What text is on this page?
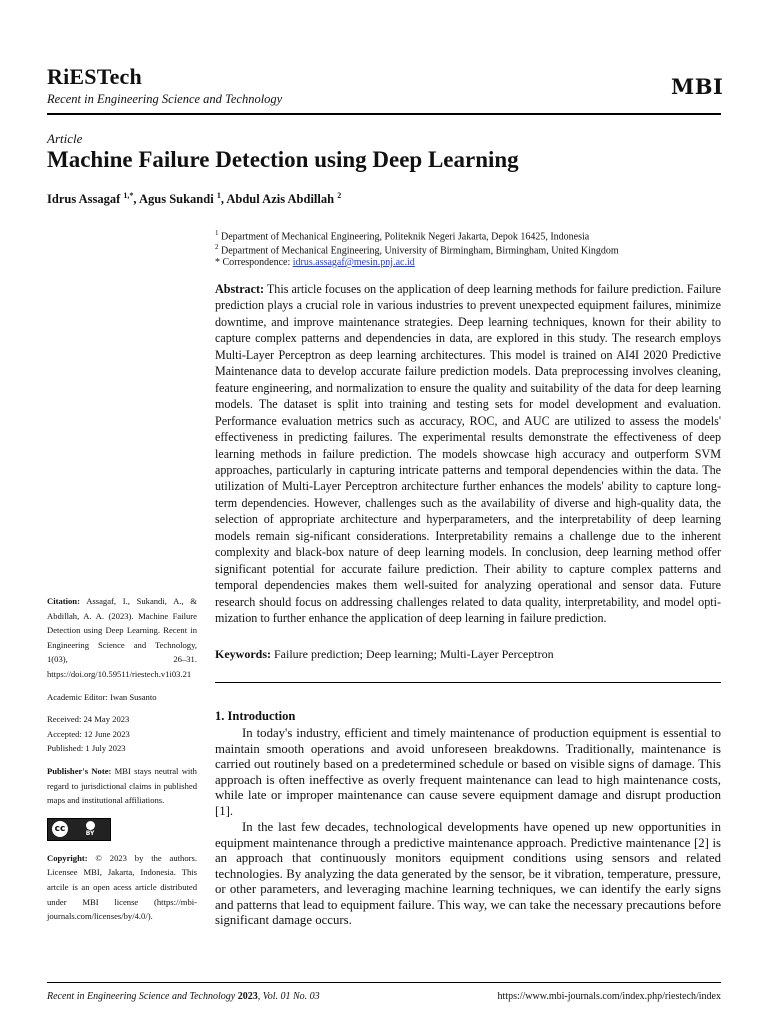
RiESTech
Recent in Engineering Science and Technology	MBI
Article
Machine Failure Detection using Deep Learning
Idrus Assagaf $^{1,*}$, Agus Sukandi $^1$, Abdul Azis Abdillah $^2$
$^1$ Department of Mechanical Engineering, Politeknik Negeri Jakarta, Depok 16425, Indonesia
$^2$ Department of Mechanical Engineering, University of Birmingham, Birmingham, United Kingdom
* Correspondence: idrus.assagaf@mesin.pnj.ac.id

Abstract: This article focuses on the application of deep learning methods for failure prediction. Failure prediction plays a crucial role in various industries to prevent unexpected equipment failures, minimize downtime, and improve maintenance strategies. Deep learning techniques, known for their ability to capture complex patterns and dependencies in data, are explored in this study. The research employs Multi-Layer Perceptron as deep learning architectures. This model is trained on AI4I 2020 Predictive Maintenance data to develop accurate failure prediction models. Data preprocessing involves cleaning, feature engineering, and normalization to ensure the quality and suitability of the data for deep learning models. The dataset is split into training and testing sets for model development and evaluation. Performance evaluation metrics such as accuracy, ROC, and AUC are utilized to assess the models' effectiveness in predicting failures. The experimental results demonstrate the effectiveness of deep learning methods in failure prediction. The models showcase high accuracy and outperform SVM approaches, particularly in capturing intricate patterns and temporal dependencies within the data. The utilization of Multi-Layer Perceptron architecture further enhances the models' ability to capture long-term dependencies. However, challenges such as the availability of diverse and high-quality data, the selection of appropriate architecture and hyperparameters, and the interpretability of deep learning models remain sig-nificant considerations. Interpretability remains a challenge due to the inherent complexity and black-box nature of deep learning models. In conclusion, deep learning method offer significant potential for accurate failure prediction. Their ability to capture complex patterns and temporal dependencies makes them well-suited for analyzing operational and sensor data. Future research should focus on addressing challenges related to data quality, interpretability, and model opti-mization to further enhance the application of deep learning in failure prediction.

Keywords: Failure prediction; Deep learning; Multi-Layer Perceptron
1. Introduction

In today's industry, efficient and timely maintenance of production equipment is essential to maintain smooth operations and avoid unforeseen breakdowns. Traditionally, maintenance is carried out routinely based on a predetermined schedule or based on visible signs of damage. This approach is often ineffective as overly frequent maintenance can lead to high maintenance costs, while late or improper maintenance can cause severe equipment damage and disrupt production [1].

In the last few decades, technological developments have opened up new opportunities in equipment maintenance through a predictive maintenance approach. Predictive maintenance [2] is an approach that continuously monitors equipment conditions using sensors and related technologies. By analyzing the data generated by the sensor, be it vibration, temperature, pressure, or other parameters, and leveraging machine learning techniques, we can identify the early signs and patterns that lead to equipment failure. This way, we can take the necessary precautions before significant damage occurs.

Citation: Assagaf, I., Sukandi, A., & Abdillah, A. A. (2023). Machine Failure Detection using Deep Learning. Recent in Engineering Science and Technology, 1(03), 26–31. https://doi.org/10.59511/riestech.v1i03.21

Academic Editor: Iwan Susanto

Received: 24 May 2023

Accepted: 12 June 2023

Published: 1 July 2023

Publisher's Note: MBI stays neutral with regard to jurisdictional claims in published maps and institutional affiliations.

cc	BY

Copyright: © 2023 by the authors. Licensee MBI, Jakarta, Indonesia. This artcile is an open acess article distributed under MBI license (https://mbi-journals.com/licenses/by/4.0/).

Recent in Engineering Science and Technology 2023, Vol. 01 No. 03	https://www.mbi-journals.com/index.php/riestech/index
